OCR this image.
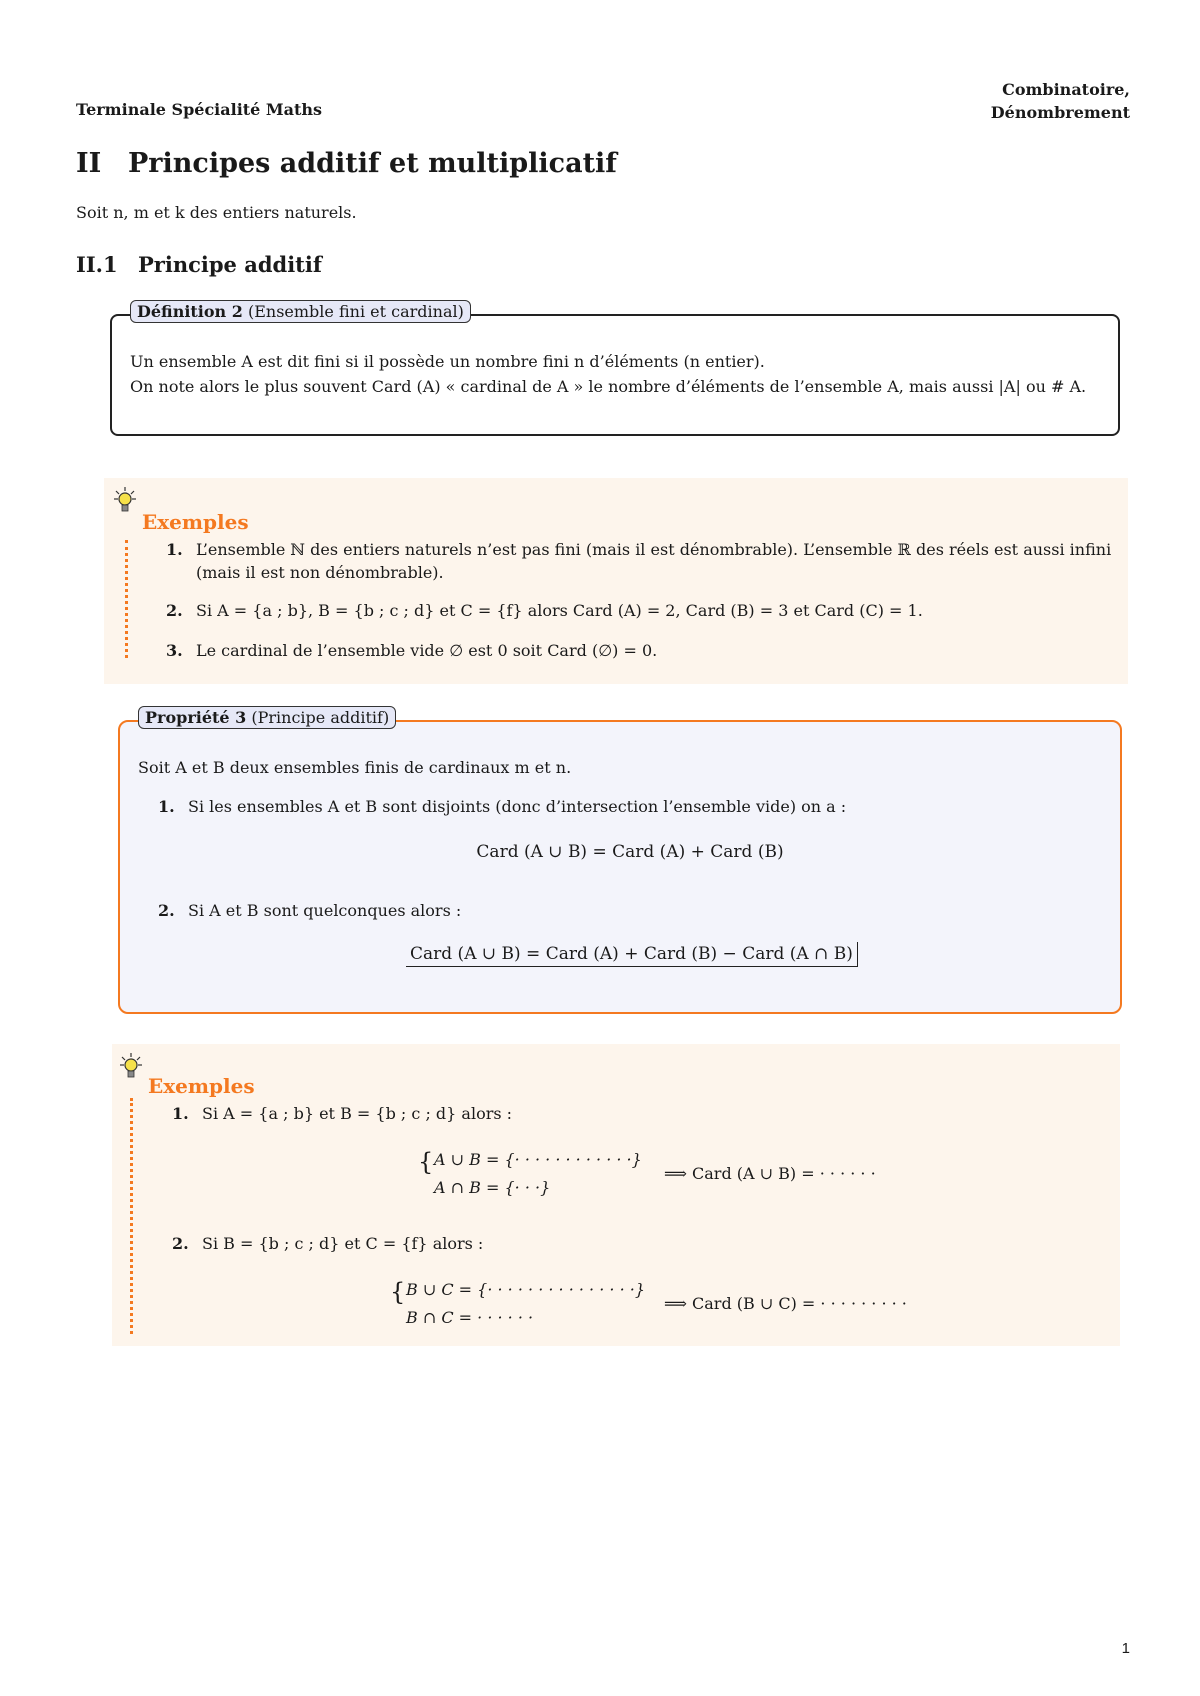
Terminale Spécialité Maths
Combinatoire,
Dénombrement
II Principes additif et multiplicatif
Soit n, m et k des entiers naturels.
II.1 Principe additif
Définition 2 (Ensemble fini et cardinal)
Un ensemble A est dit fini si il possède un nombre fini n d’éléments (n entier).
On note alors le plus souvent Card (A) « cardinal de A » le nombre d’éléments de l’ensemble A, mais aussi |A| ou # A.
Exemples
1. L’ensemble ℕ des entiers naturels n’est pas fini (mais il est dénombrable). L’ensemble ℝ des réels est aussi infini
(mais il est non dénombrable).
2. Si A = {a ; b}, B = {b ; c ; d} et C = {f} alors Card (A) = 2, Card (B) = 3 et Card (C) = 1.
3. Le cardinal de l’ensemble vide ∅ est 0 soit Card (∅) = 0.
Propriété 3 (Principe additif)
Soit A et B deux ensembles finis de cardinaux m et n.
1. Si les ensembles A et B sont disjoints (donc d’intersection l’ensemble vide) on a :
Card (A ∪ B) = Card (A) + Card (B)
2. Si A et B sont quelconques alors :
Card (A ∪ B) = Card (A) + Card (B) − Card (A ∩ B)
Exemples
1. Si A = {a ; b} et B = {b ; c ; d} alors :
{ A ∪ B = {· · · · · · · · · · · ·}
A ∩ B = {· · ·}
⟹ Card (A ∪ B) = · · · · · ·
2. Si B = {b ; c ; d} et C = {f} alors :
{ B ∪ C = {· · · · · · · · · · · · · · ·}
B ∩ C = · · · · · ·
⟹ Card (B ∪ C) = · · · · · · · · ·
1
